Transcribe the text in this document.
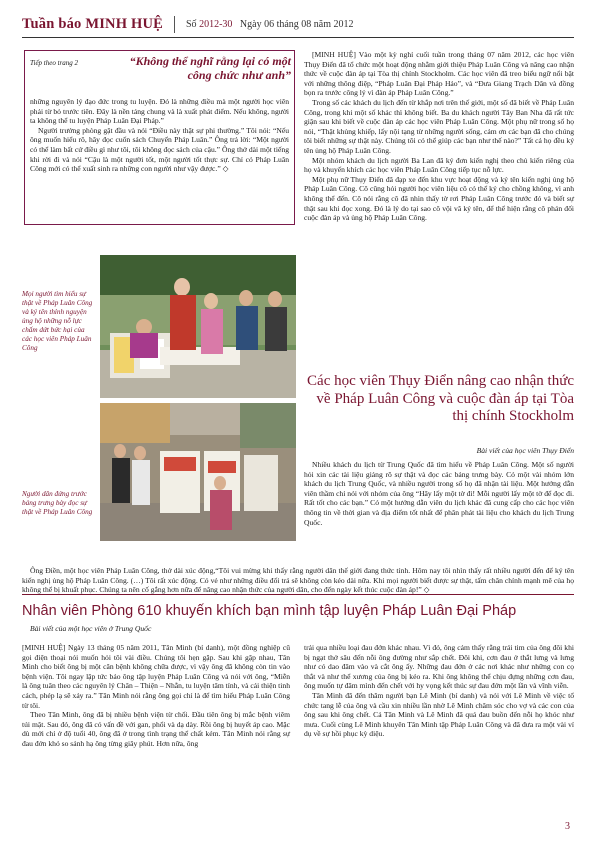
Tuần báo MINH HUỆ Số 2012-30 Ngày 06 tháng 08 năm 2012
Tiếp theo trang 2	“Không thể nghĩ rằng lại có một công chức như anh”

những nguyên lý đạo đức trong tu luyện. Đó là những điều mà một người học viên phải từ bỏ trước tiên. Đây là nền tảng chung và là xuất phát điểm. Nếu không, người ta không thể tu luyện Pháp Luân Đại Pháp.”

Người trưởng phòng gật đầu và nói “Điều này thật sự phi thường.” Tôi nói: “Nếu ông muốn hiểu rõ, hãy đọc cuốn sách Chuyển Pháp Luân.” Ông trả lời: “Một người có thể làm bất cứ điều gì như tôi, tôi không đọc sách của cậu.” Ông thở dài một tiếng khi rời đi và nói “Cậu là một người tốt, một người tốt thực sự. Chỉ có Pháp Luân Công mới có thể xuất sinh ra những con người như vậy được.” ◇

[MINH HUỆ] Vào một kỳ nghỉ cuối tuần trong tháng 07 năm 2012, các học viên Thụy Điển đã tổ chức một hoạt động nhằm giới thiệu Pháp Luân Công và nâng cao nhận thức về cuộc đàn áp tại Tòa thị chính Stockholm. Các học viên đã treo biểu ngữ nổi bật với những thông điệp, “Pháp Luân Đại Pháp Hảo”, và “Đưa Giang Trạch Dân và đồng bọn ra trước công lý vì đàn áp Pháp Luân Công.”

Trong số các khách du lịch đến từ khắp nơi trên thế giới, một số đã biết về Pháp Luân Công, trong khi một số khác thì không biết. Ba du khách người Tây Ban Nha đã rất tức giận sau khi biết về cuộc đàn áp các học viên Pháp Luân Công. Một phụ nữ trong số họ nói, “Thật khủng khiếp, lấy nội tạng từ những người sống, cảm ơn các bạn đã cho chúng tôi biết những sự thật này. Chúng tôi có thể giúp các bạn như thế nào?” Tất cả họ đều ký tên ủng hộ Pháp Luân Công.

Một nhóm khách du lịch người Ba Lan đã ký đơn kiến nghị theo chủ kiến riêng của họ và khuyến khích các học viên Pháp Luân Công tiếp tục nỗ lực.

Một phụ nữ Thụy Điển đã đạp xe đến khu vực hoạt động và ký tên kiến nghị ủng hộ Pháp Luân Công. Cô cũng hỏi người học viên liệu cô có thể ký cho chồng không, vì anh không thể đến. Cô nói rằng cô đã nhìn thấy tờ rơi Pháp Luân Công trước đó và biết sự thật sau khi đọc xong. Đó là lý do tại sao cô vội vã ký tên, để thể hiện rằng cô phản đối cuộc đàn áp và ủng hộ Pháp Luân Công.

Mọi người tìm hiểu sự thật về Pháp Luân Công và ký tên thỉnh nguyện ủng hộ những nỗ lực chấm dứt bức hại của các học viên Pháp Luân Công
Người dân đứng trước bảng trưng bày đọc sự thật về Pháp Luân Công
Các học viên Thụy Điển nâng cao nhận thức về Pháp Luân Công và cuộc đàn áp tại Tòa thị chính Stockholm
Bài viết của học viên Thụy Điển

Nhiều khách du lịch từ Trung Quốc đã tìm hiểu về Pháp Luân Công. Một số người hỏi xin các tài liệu giảng rõ sự thật và đọc các bảng trưng bày. Có một vài nhóm lớn khách du lịch Trung Quốc, và nhiều người trong số họ đã nhận tài liệu. Một hướng dẫn viên thầm chỉ nói với nhóm của ông “Hãy lấy một tờ đi! Mỗi người lấy một tờ để đọc đi. Rất tốt cho các bạn.” Có một hướng dẫn viên du lịch khác đã cung cấp cho các học viên thông tin về thời gian và địa điểm tốt nhất để phân phát tài liệu cho khách du lịch Trung Quốc.

Ông Điền, một học viên Pháp Luân Công, thở dài xúc động,“Tôi vui mừng khi thấy rằng người dân thế giới đang thức tỉnh. Hôm nay tôi nhìn thấy rất nhiều người đến để ký tên kiến nghị ủng hộ Pháp Luân Công. (…) Tôi rất xúc động. Có vẻ như những điều đối trá sẽ không còn kéo dài nữa. Khi mọi người biết được sự thật, tấm chăn chính mạnh mẽ của họ không thể bị khuất phục. Chúng ta nên cố gắng hơn nữa để nâng cao nhận thức của người dân, cho đến ngày kết thúc cuộc đàn áp!” ◇

Nhân viên Phòng 610 khuyến khích bạn mình tập luyện Pháp Luân Đại Pháp
Bài viết của một học viên ở Trung Quốc

[MINH HUỆ] Ngày 13 tháng 05 năm 2011, Tân Minh (bí danh), một đồng nghiệp cũ gọi điện thoại nói muốn hỏi tôi vài điều. Chúng tôi hẹn gặp. Sau khi gặp nhau, Tân Minh cho biết ông bị một căn bệnh không chữa được, vì vậy ông đã không còn tin vào bệnh viện. Tôi ngay lập tức bảo ông tập luyện Pháp Luân Công và nói với ông, “Miễn là ông tuân theo các nguyên lý Chân – Thiện – Nhẫn, tu luyện tâm tính, và cải thiện tinh cách, phép lạ sẽ xảy ra.” Tân Minh nói rằng ông gọi chỉ là để tìm hiểu Pháp Luân Công từ tôi.

Theo Tân Minh, ông đã bị nhiều bệnh viện từ chối. Đầu tiên ông bị mắc bệnh viêm túi mật. Sau đó, ông đã có vấn đề với gan, phổi và dạ dày. Rồi ông bị huyết áp cao. Mặc dù mới chỉ ở độ tuổi 40, ông đã ở trong tình trạng thể chất kém. Tân Minh nói rằng sự đau đớn khó so sánh hạ ông từng giây phút. Hơn nữa, ông

trải qua nhiều loại đau đớn khác nhau. Vì đó, ông cảm thấy rằng trái tim của ông đôi khi bị ngạt thở sâu đến nỗi ông đường như sắp chết. Đôi khi, cơn đau ở thắt lưng và lưng như có dao đâm vào và cắt ông ấy. Những đau đớn ở các nơi khác như những con cọ thắt và như thể xương của ông bị kéo ra. Khi ông không thể chịu đựng những cơn đau, ông muốn tự đâm mình đến chết với hy vọng kết thúc sự đau đớn một lần và vĩnh viễn.

Tân Minh đã đến thăm người bạn Lê Minh (bí danh) và nói với Lê Minh về việc tổ chức tang lễ của ông và cầu xin nhiều lần nhờ Lê Minh chăm sóc cho vợ và các con của ông sau khi ông chết. Cả Tân Minh và Lê Minh đã quá đau buồn đến nỗi họ khóc như mưa. Cuối cùng Lê Minh khuyên Tân Minh tập Pháp Luân Công và đã đưa ra một vài ví dụ về sự hồi phục kỳ diệu.

3
